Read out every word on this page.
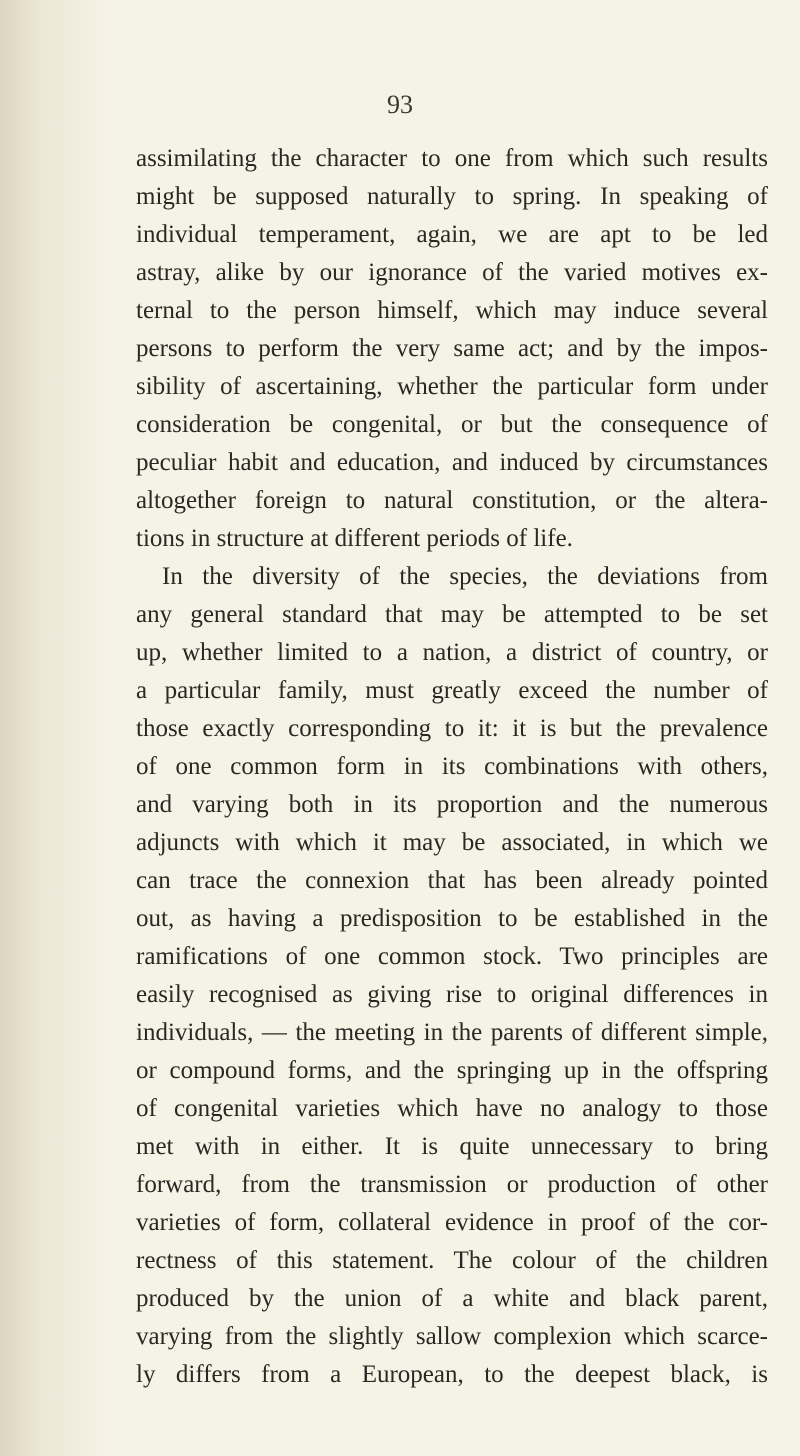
93
assimilating the character to one from which such results
might be supposed naturally to spring. In speaking of
individual temperament, again, we are apt to be led
astray, alike by our ignorance of the varied motives ex-
ternal to the person himself, which may induce several
persons to perform the very same act; and by the impos-
sibility of ascertaining, whether the particular form under
consideration be congenital, or but the consequence of
peculiar habit and education, and induced by circumstances
altogether foreign to natural constitution, or the altera-
tions in structure at different periods of life.
In the diversity of the species, the deviations from
any general standard that may be attempted to be set
up, whether limited to a nation, a district of country, or
a particular family, must greatly exceed the number of
those exactly corresponding to it: it is but the prevalence
of one common form in its combinations with others,
and varying both in its proportion and the numerous
adjuncts with which it may be associated, in which we
can trace the connexion that has been already pointed
out, as having a predisposition to be established in the
ramifications of one common stock. Two principles are
easily recognised as giving rise to original differences in
individuals, — the meeting in the parents of different simple,
or compound forms, and the springing up in the offspring
of congenital varieties which have no analogy to those
met with in either. It is quite unnecessary to bring
forward, from the transmission or production of other
varieties of form, collateral evidence in proof of the cor-
rectness of this statement. The colour of the children
produced by the union of a white and black parent,
varying from the slightly sallow complexion which scarce-
ly differs from a European, to the deepest black, is
